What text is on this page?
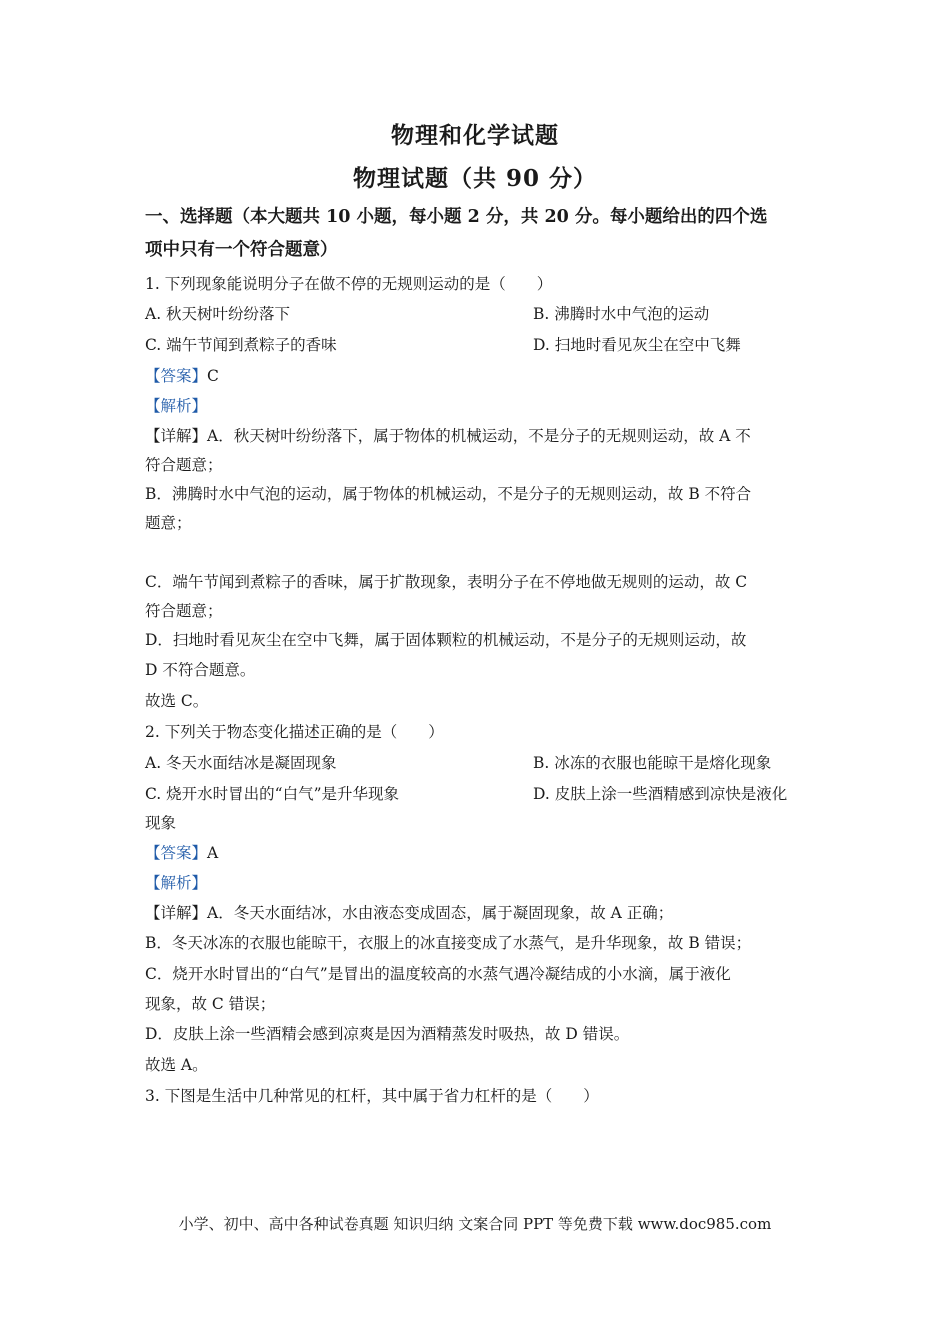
物理和化学试题
物理试题（共 90 分）
一、选择题（本大题共 10 小题，每小题 2 分，共 20 分。每小题给出的四个选
项中只有一个符合题意）
1. 下列现象能说明分子在做不停的无规则运动的是（　　）
A. 秋天树叶纷纷落下	B. 沸腾时水中气泡的运动
C. 端午节闻到煮粽子的香味	D. 扫地时看见灰尘在空中飞舞
【答案】C
【解析】
【详解】A．秋天树叶纷纷落下，属于物体的机械运动，不是分子的无规则运动，故 A 不
符合题意；
B．沸腾时水中气泡的运动，属于物体的机械运动，不是分子的无规则运动，故 B 不符合
题意；
C．端午节闻到煮粽子的香味，属于扩散现象，表明分子在不停地做无规则的运动，故 C
符合题意；
D．扫地时看见灰尘在空中飞舞，属于固体颗粒的机械运动，不是分子的无规则运动，故
D 不符合题意。
故选 C。
2. 下列关于物态变化描述正确的是（　　）
A. 冬天水面结冰是凝固现象	B. 冰冻的衣服也能晾干是熔化现象
C. 烧开水时冒出的“白气”是升华现象	D. 皮肤上涂一些酒精感到凉快是液化
现象
【答案】A
【解析】
【详解】A．冬天水面结冰，水由液态变成固态，属于凝固现象，故 A 正确；
B．冬天冰冻的衣服也能晾干，衣服上的冰直接变成了水蒸气，是升华现象，故 B 错误；
C．烧开水时冒出的“白气”是冒出的温度较高的水蒸气遇冷凝结成的小水滴，属于液化
现象，故 C 错误；
D．皮肤上涂一些酒精会感到凉爽是因为酒精蒸发时吸热，故 D 错误。
故选 A。
3. 下图是生活中几种常见的杠杆，其中属于省力杠杆的是（　　）
小学、初中、高中各种试卷真题 知识归纳 文案合同 PPT 等免费下载 www.doc985.com
